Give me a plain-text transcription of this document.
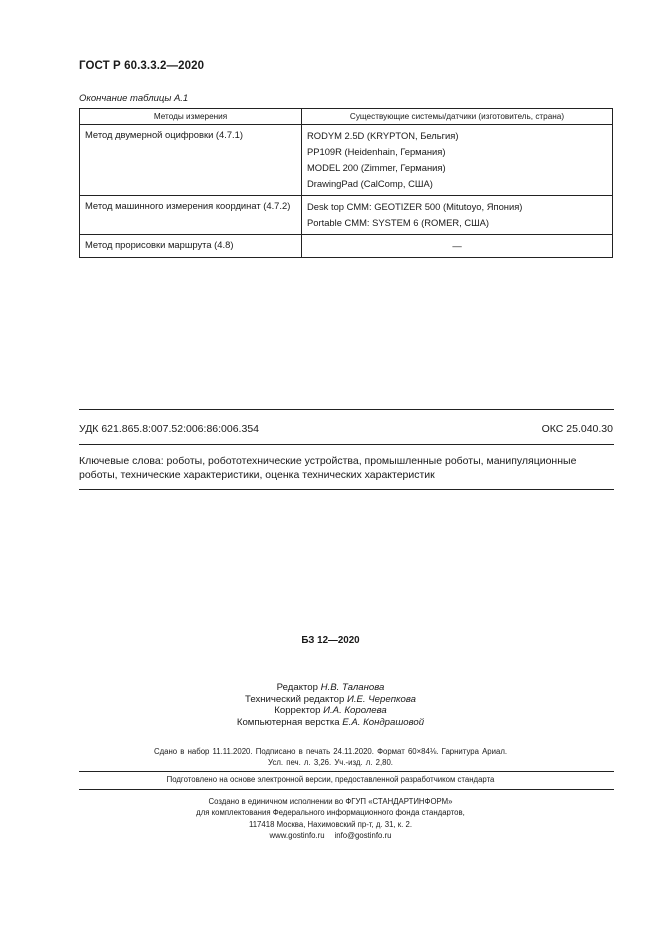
ГОСТ Р 60.3.3.2—2020
Окончание таблицы А.1
Методы измерения	Существующие системы/датчики (изготовитель, страна)
Метод двумерной оцифровки (4.7.1)	RODYM 2.5D (KRYPTON, Бельгия)
PP109R (Heidenhain, Германия)
MODEL 200 (Zimmer, Германия)
DrawingPad (CalComp, США)

Метод машинного измерения координат (4.7.2)	Desk top CMM: GEOTIZER 500 (Mitutoyo, Япония)
Portable CMM: SYSTEM 6 (ROMER, США)

Метод прорисовки маршрута (4.8)	—
УДК 621.865.8:007.52:006:86:006.354	ОКС 25.040.30
Ключевые слова: роботы, робототехнические устройства, промышленные роботы, манипуляционные роботы, технические характеристики, оценка технических характеристик
БЗ 12—2020
Редактор Н.В. Таланова
Технический редактор И.Е. Черепкова
Корректор И.А. Королева
Компьютерная верстка Е.А. Кондрашовой
Сдано в набор 11.11.2020. Подписано в печать 24.11.2020. Формат 60×84⅛. Гарнитура Ариал.
Усл. печ. л. 3,26. Уч.-изд. л. 2,80.
Подготовлено на основе электронной версии, предоставленной разработчиком стандарта
Создано в единичном исполнении во ФГУП «СТАНДАРТИНФОРМ»
для комплектования Федерального информационного фонда стандартов,
117418 Москва, Нахимовский пр-т, д. 31, к. 2.
www.gostinfo.ru info@gostinfo.ru
